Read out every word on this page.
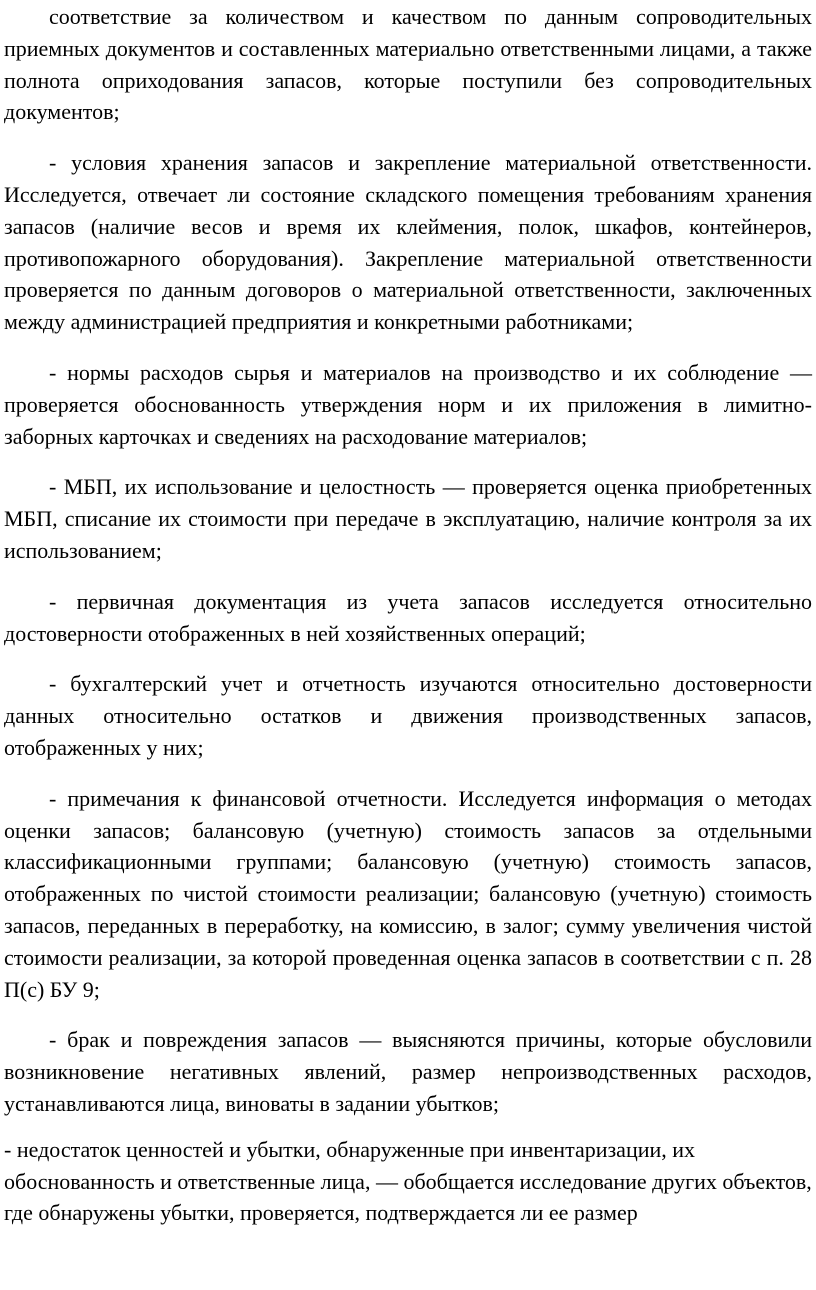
соответствие за количеством и качеством по данным сопроводительных приемных документов и составленных материально ответственными лицами, а также полнота оприходования запасов, которые поступили без сопроводительных документов;

- условия хранения запасов и закрепление материальной ответственности. Исследуется, отвечает ли состояние складского помещения требованиям хранения запасов (наличие весов и время их клеймения, полок, шкафов, контейнеров, противопожарного оборудования). Закрепление материальной ответственности проверяется по данным договоров о материальной ответственности, заключенных между администрацией предприятия и конкретными работниками;

- нормы расходов сырья и материалов на производство и их соблюдение — проверяется обоснованность утверждения норм и их приложения в лимитно-заборных карточках и сведениях на расходование материалов;

- МБП, их использование и целостность — проверяется оценка приобретенных МБП, списание их стоимости при передаче в эксплуатацию, наличие контроля за их использованием;

- первичная документация из учета запасов исследуется относительно достоверности отображенных в ней хозяйственных операций;

- бухгалтерский учет и отчетность изучаются относительно достоверности данных относительно остатков и движения производственных запасов, отображенных у них;

- примечания к финансовой отчетности. Исследуется информация о методах оценки запасов; балансовую (учетную) стоимость запасов за отдельными классификационными группами; балансовую (учетную) стоимость запасов, отображенных по чистой стоимости реализации; балансовую (учетную) стоимость запасов, переданных в переработку, на комиссию, в залог; сумму увеличения чистой стоимости реализации, за которой проведенная оценка запасов в соответствии с п. 28 П(с) БУ 9;

- брак и повреждения запасов — выясняются причины, которые обусловили возникновение негативных явлений, размер непроизводственных расходов, устанавливаются лица, виноваты в задании убытков;

- недостаток ценностей и убытки, обнаруженные при инвентаризации, их обоснованность и ответственные лица, — обобщается исследование других объектов, где обнаружены убытки, проверяется, подтверждается ли ее размер
